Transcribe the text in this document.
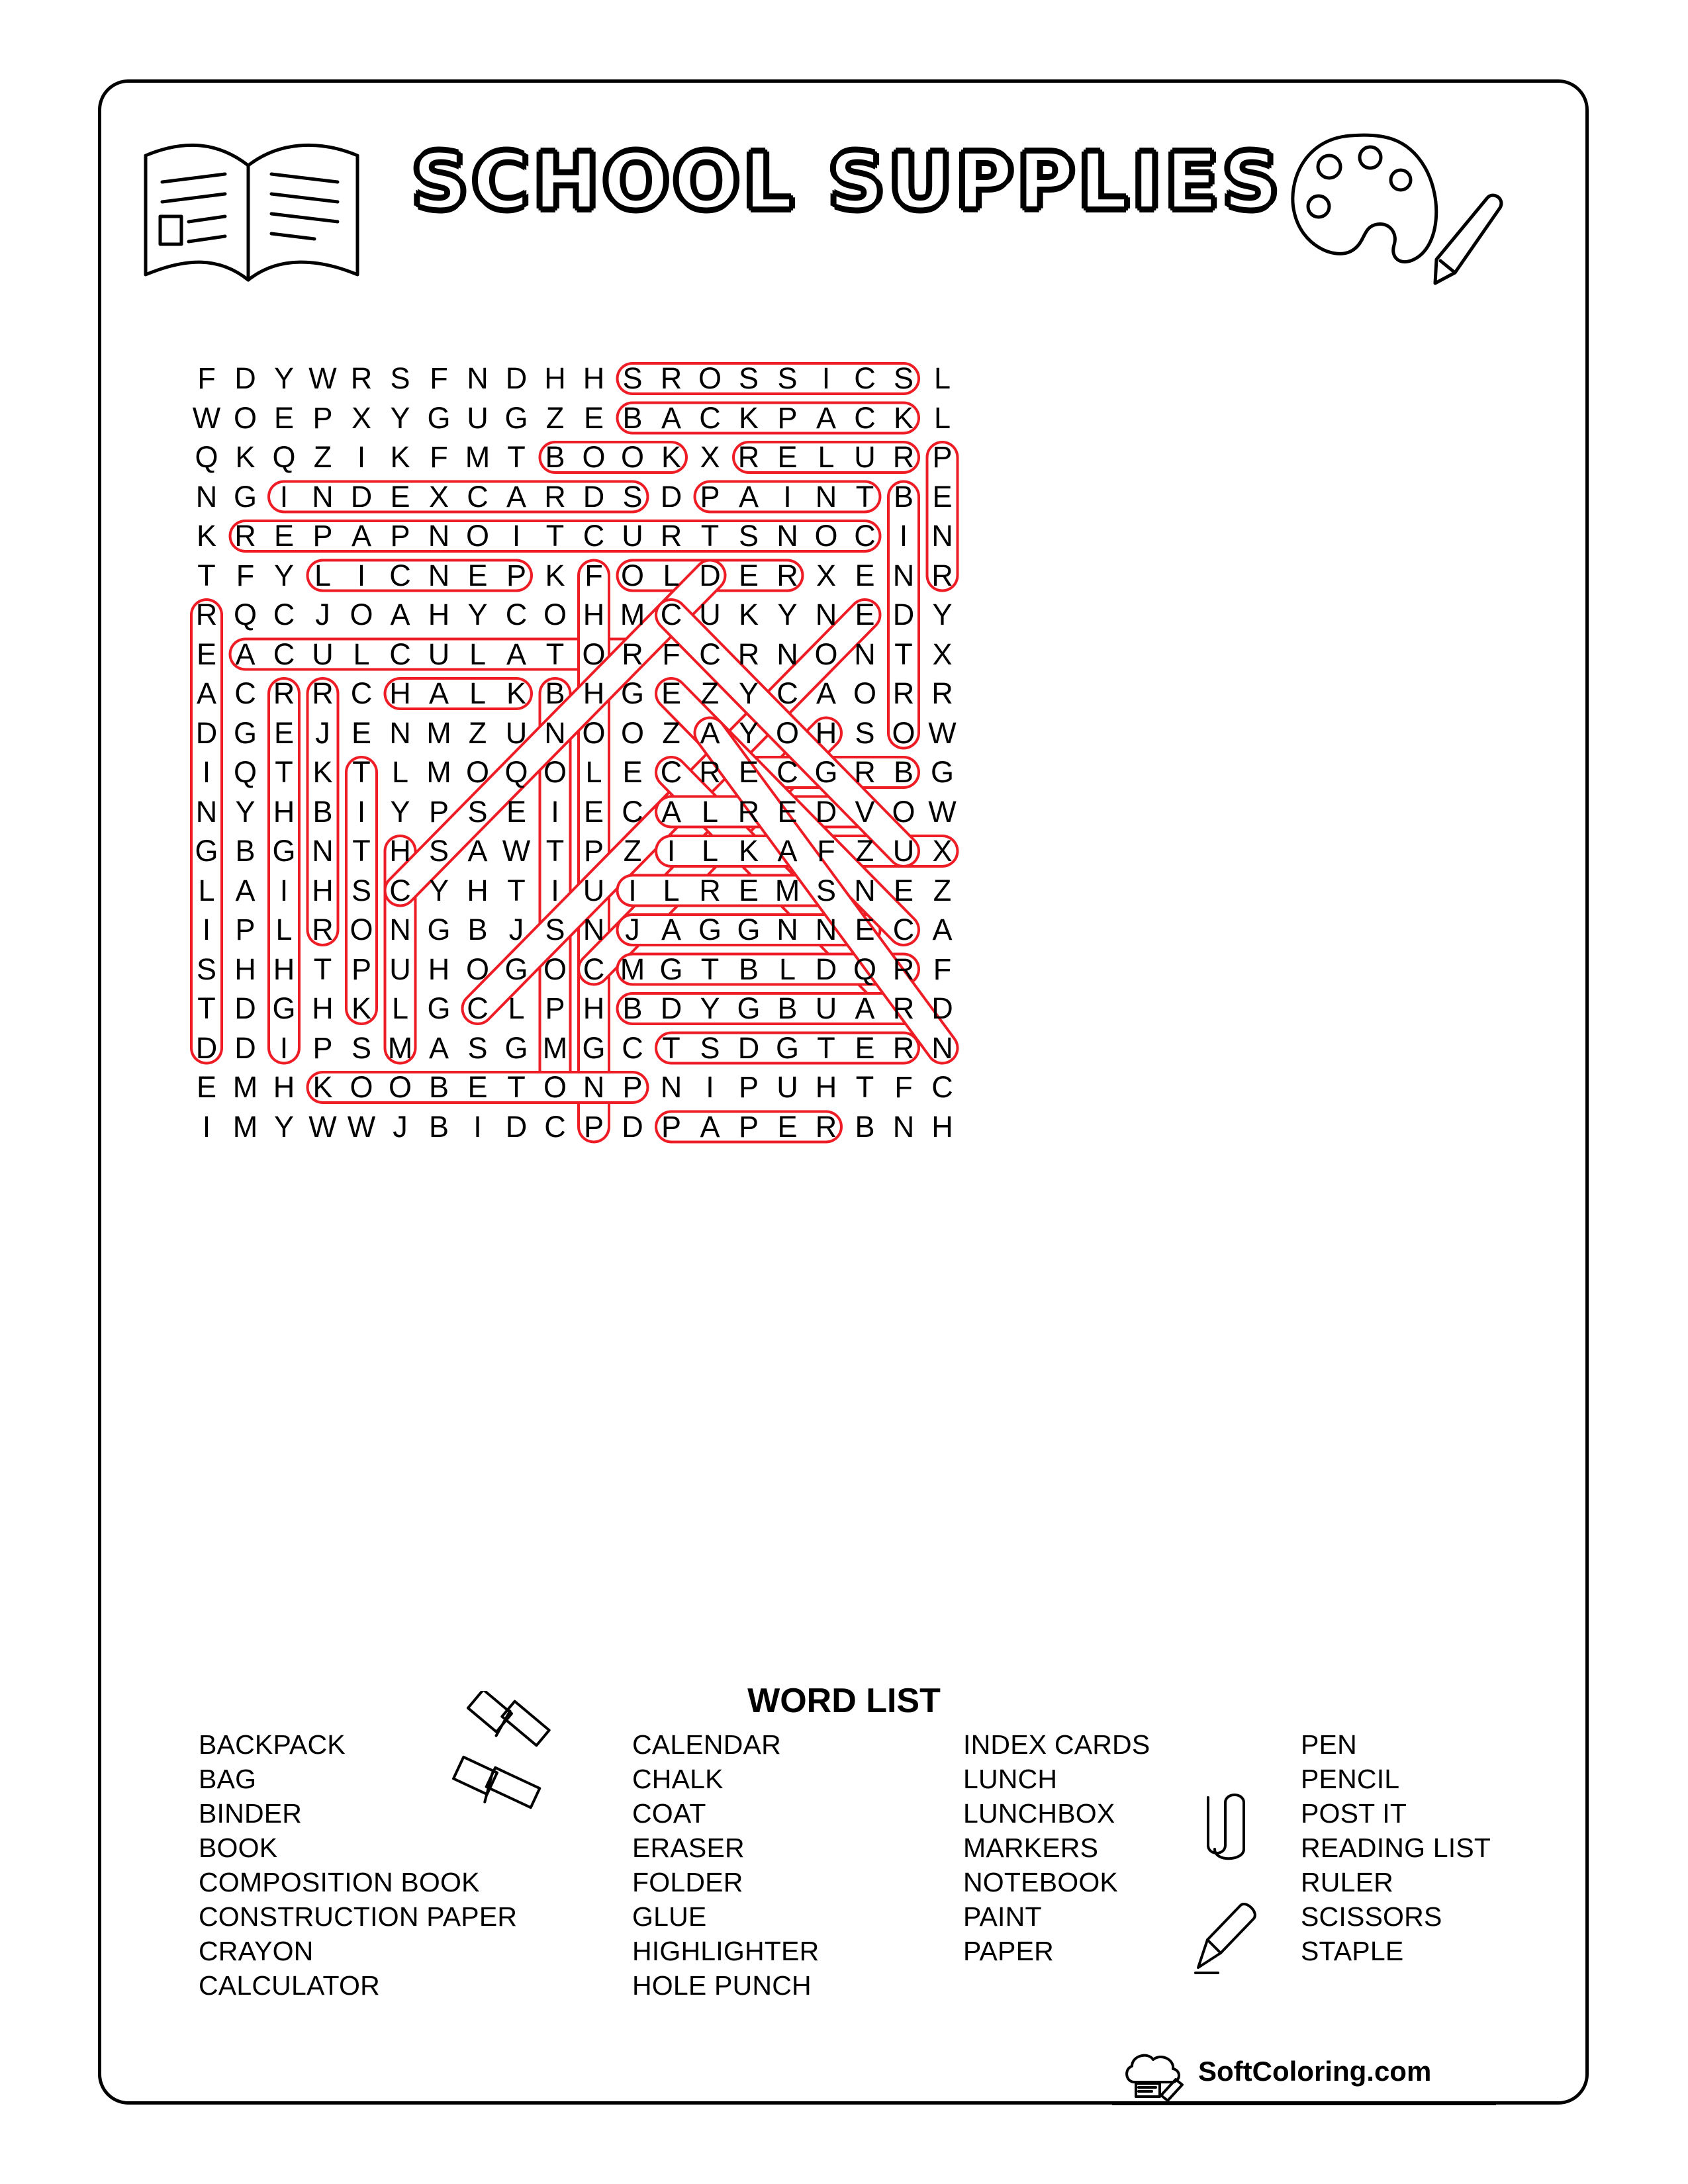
SCHOOL SUPPLIES
F D Y W R S F N D H H S R O S S I C S L
W O E P X Y G U G Z E B A C K P A C K L
Q K Q Z I K F M T B O O K X R E L U R P
N G I N D E X C A R D S D P A I N T B E
K R E P A P N O I T C U R T S N O C I N
T F Y L I C N E P K F O L D E R X E N R
R Q C J O A H Y C O H M C U K Y N E D Y
E A C U L C U L A T O R F C R N O N T X
A C R R C H A L K B H G E Z Y C A O R R
D G E J E N M Z U N O O Z A Y O H S O W
I Q T K T L M O Q O L E C R E C G R B G
N Y H B I Y P S E I E C A L R E D V O W
G B G N T H S A W T P Z I L K A F Z U X
L A I H S C Y H T I U I L R E M S N E Z
I P L R O N G B J S N J A G G N N E C A
S H H T P U H O G O C M G T B L D Q R F
T D G H K L G C L P H B D Y G B U A R D
D D I P S M A S G M G C T S D G T E R N
E M H K O O B E T O N P N I P U H T F C
I M Y W W J B I D C P D P A P E R B N H
WORD LIST
BACKPACK
BAG
BINDER
BOOK
COMPOSITION BOOK
CONSTRUCTION PAPER
CRAYON
CALCULATOR
CALENDAR
CHALK
COAT
ERASER
FOLDER
GLUE
HIGHLIGHTER
HOLE PUNCH
INDEX CARDS
LUNCH
LUNCHBOX
MARKERS
NOTEBOOK
PAINT
PAPER
PEN
PENCIL
POST IT
READING LIST
RULER
SCISSORS
STAPLE
SoftColoring.com
